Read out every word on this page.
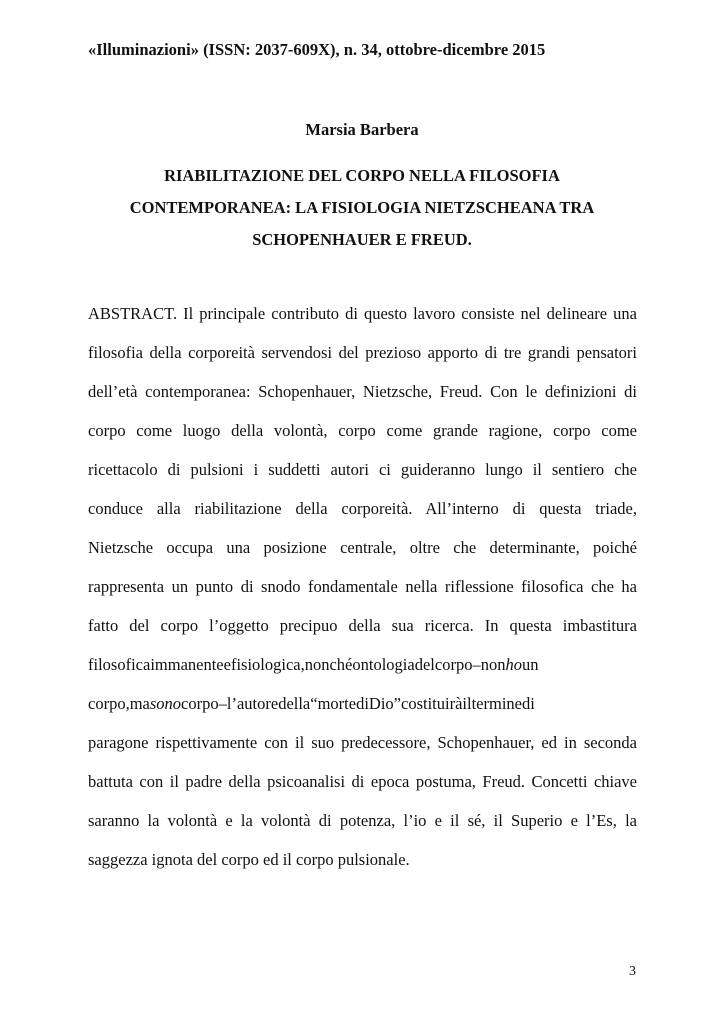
«Illuminazioni» (ISSN: 2037-609X), n. 34, ottobre-dicembre 2015
Marsia Barbera
RIABILITAZIONE DEL CORPO NELLA FILOSOFIA
CONTEMPORANEA: LA FISIOLOGIA NIETZSCHEANA TRA
SCHOPENHAUER E FREUD.
ABSTRACT. Il principale contributo di questo lavoro consiste nel delineare una
filosofia della corporeità servendosi del prezioso apporto di tre grandi pensatori
dell’età contemporanea: Schopenhauer, Nietzsche, Freud. Con le definizioni di
corpo come luogo della volontà, corpo come grande ragione, corpo come
ricettacolo di pulsioni i suddetti autori ci guideranno lungo il sentiero che
conduce alla riabilitazione della corporeità. All’interno di questa triade,
Nietzsche occupa una posizione centrale, oltre che determinante, poiché
rappresenta un punto di snodo fondamentale nella riflessione filosofica che ha
fatto del corpo l’oggetto precipuo della sua ricerca. In questa imbastitura
filosoficaimmanenteefisiologica,nonchéontologiadelcorpo–nonhoun
corpo,masonocorpo–l’autoredella“mortediDio”costituiràilterminedi
paragone rispettivamente con il suo predecessore, Schopenhauer, ed in seconda
battuta con il padre della psicoanalisi di epoca postuma, Freud. Concetti chiave
saranno la volontà e la volontà di potenza, l’io e il sé, il Superio e l’Es, la
saggezza ignota del corpo ed il corpo pulsionale.
3
